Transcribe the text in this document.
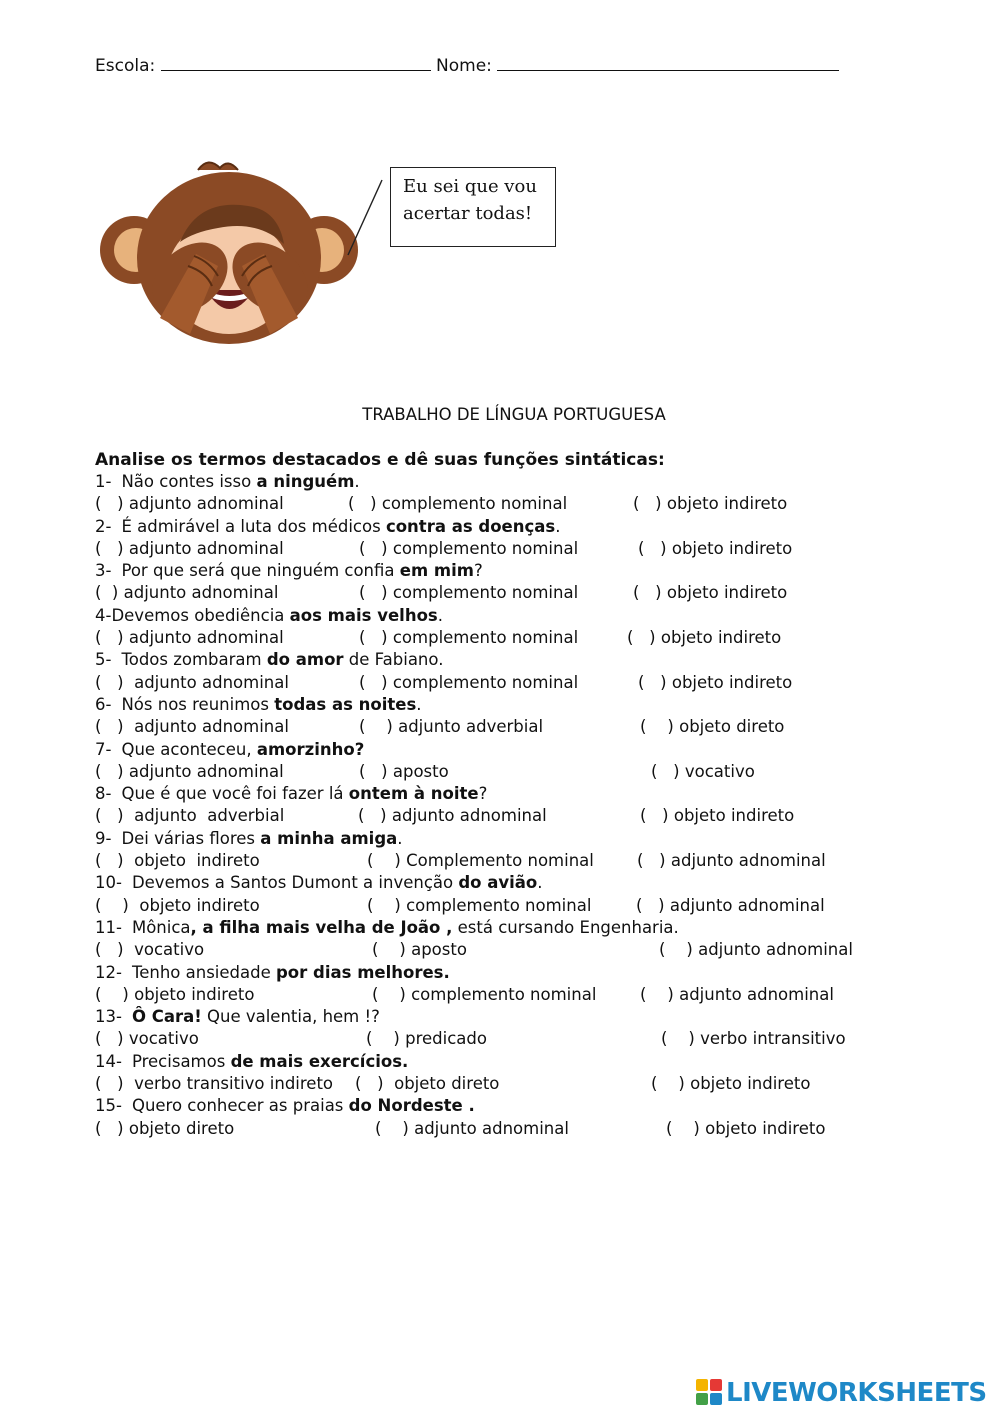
Escola:	Nome:
Eu sei que vou
acertar todas!
TRABALHO DE LÍNGUA PORTUGUESA
Analise os termos destacados e dê suas funções sintáticas:
1- Não contes isso a ninguém.
(   ) adjunto adnominal	(   ) complemento nominal	(   ) objeto indireto
2- É admirável a luta dos médicos contra as doenças.
(   ) adjunto adnominal	(   ) complemento nominal	(   ) objeto indireto
3- Por que será que ninguém confia em mim?
(  ) adjunto adnominal	(   ) complemento nominal	(   ) objeto indireto
4-Devemos obediência aos mais velhos.
(   ) adjunto adnominal	(   ) complemento nominal	(   ) objeto indireto
5- Todos zombaram do amor de Fabiano.
(   )  adjunto adnominal	(   ) complemento nominal	(   ) objeto indireto
6- Nós nos reunimos todas as noites.
(   )  adjunto adnominal	(    ) adjunto adverbial	(    ) objeto direto
7- Que aconteceu, amorzinho?
(   ) adjunto adnominal	(   ) aposto	(   ) vocativo
8- Que é que você foi fazer lá ontem à noite?
(   )  adjunto  adverbial	(   ) adjunto adnominal	(   ) objeto indireto
9- Dei várias flores a minha amiga.
(   )  objeto  indireto	(    ) Complemento nominal	(   ) adjunto adnominal
10- Devemos a Santos Dumont a invenção do avião.
(    )  objeto indireto	(    ) complemento nominal	(   ) adjunto adnominal
11- Mônica, a filha mais velha de João , está cursando Engenharia.
(   )  vocativo	(    ) aposto	(    ) adjunto adnominal
12- Tenho ansiedade por dias melhores.
(    ) objeto indireto	(    ) complemento nominal	(    ) adjunto adnominal
13- Ô Cara! Que valentia, hem !?
(   ) vocativo	(    ) predicado	(    ) verbo intransitivo
14- Precisamos de mais exercícios.
(   )  verbo transitivo indireto (   )  objeto direto	(    ) objeto indireto
15- Quero conhecer as praias do Nordeste .
(   ) objeto direto	(    ) adjunto adnominal	(    ) objeto indireto
LIVEWORKSHEETS
